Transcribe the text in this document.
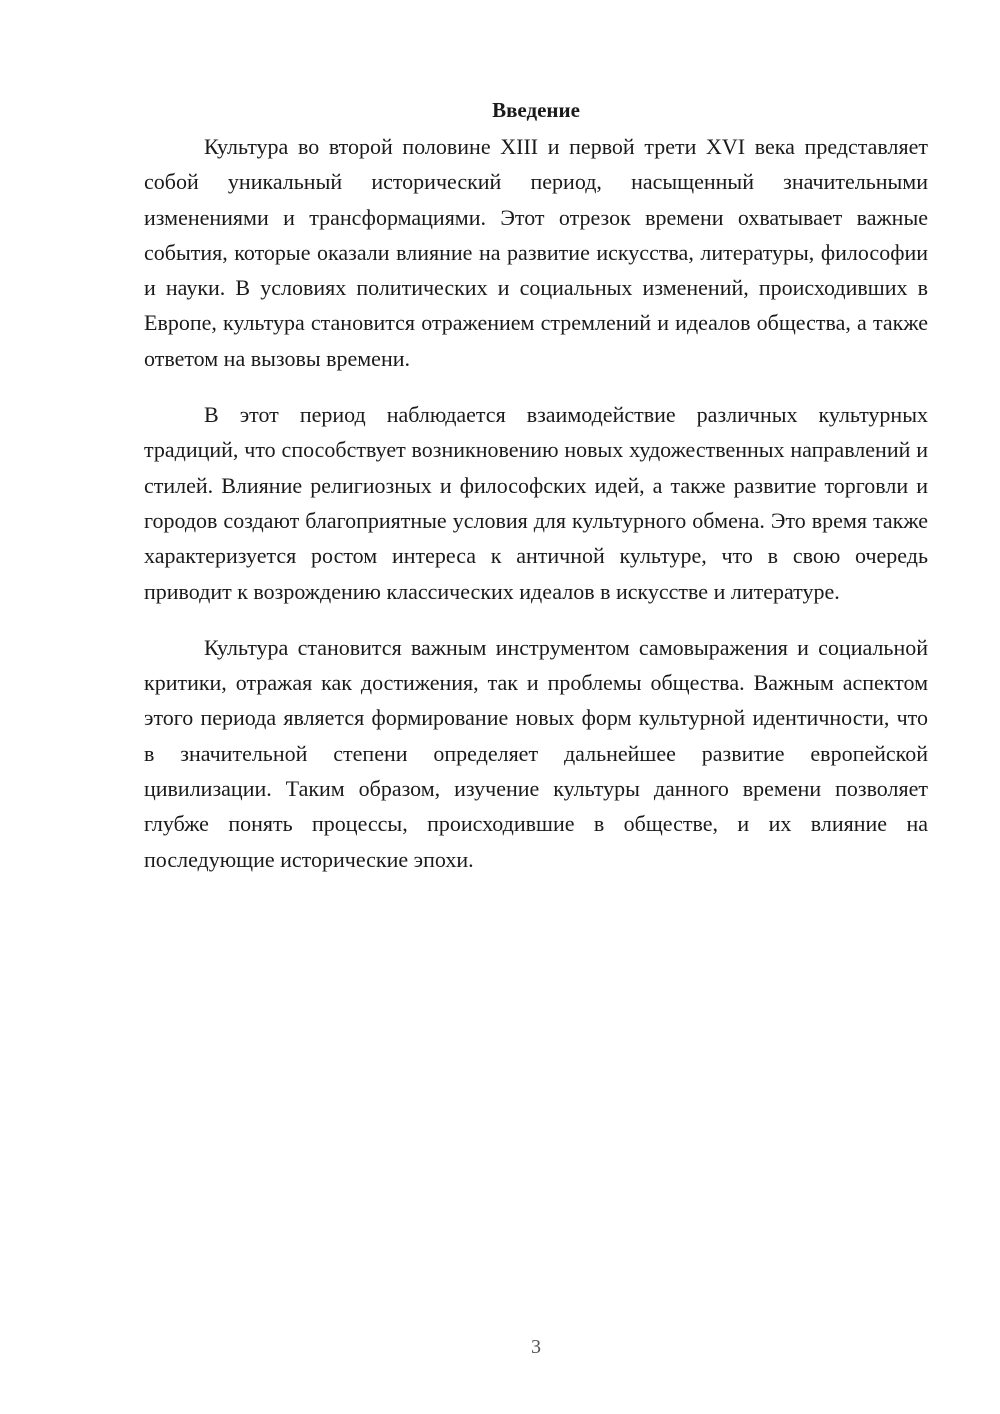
Введение

Культура во второй половине XIII и первой трети XVI века представляет собой уникальный исторический период, насыщенный значительными изменениями и трансформациями. Этот отрезок времени охватывает важные события, которые оказали влияние на развитие искусства, литературы, философии и науки. В условиях политических и социальных изменений, происходивших в Европе, культура становится отражением стремлений и идеалов общества, а также ответом на вызовы времени.

В этот период наблюдается взаимодействие различных культурных традиций, что способствует возникновению новых художественных направлений и стилей. Влияние религиозных и философских идей, а также развитие торговли и городов создают благоприятные условия для культурного обмена. Это время также характеризуется ростом интереса к античной культуре, что в свою очередь приводит к возрождению классических идеалов в искусстве и литературе.

Культура становится важным инструментом самовыражения и социальной критики, отражая как достижения, так и проблемы общества. Важным аспектом этого периода является формирование новых форм культурной идентичности, что в значительной степени определяет дальнейшее развитие европейской цивилизации. Таким образом, изучение культуры данного времени позволяет глубже понять процессы, происходившие в обществе, и их влияние на последующие исторические эпохи.

3
